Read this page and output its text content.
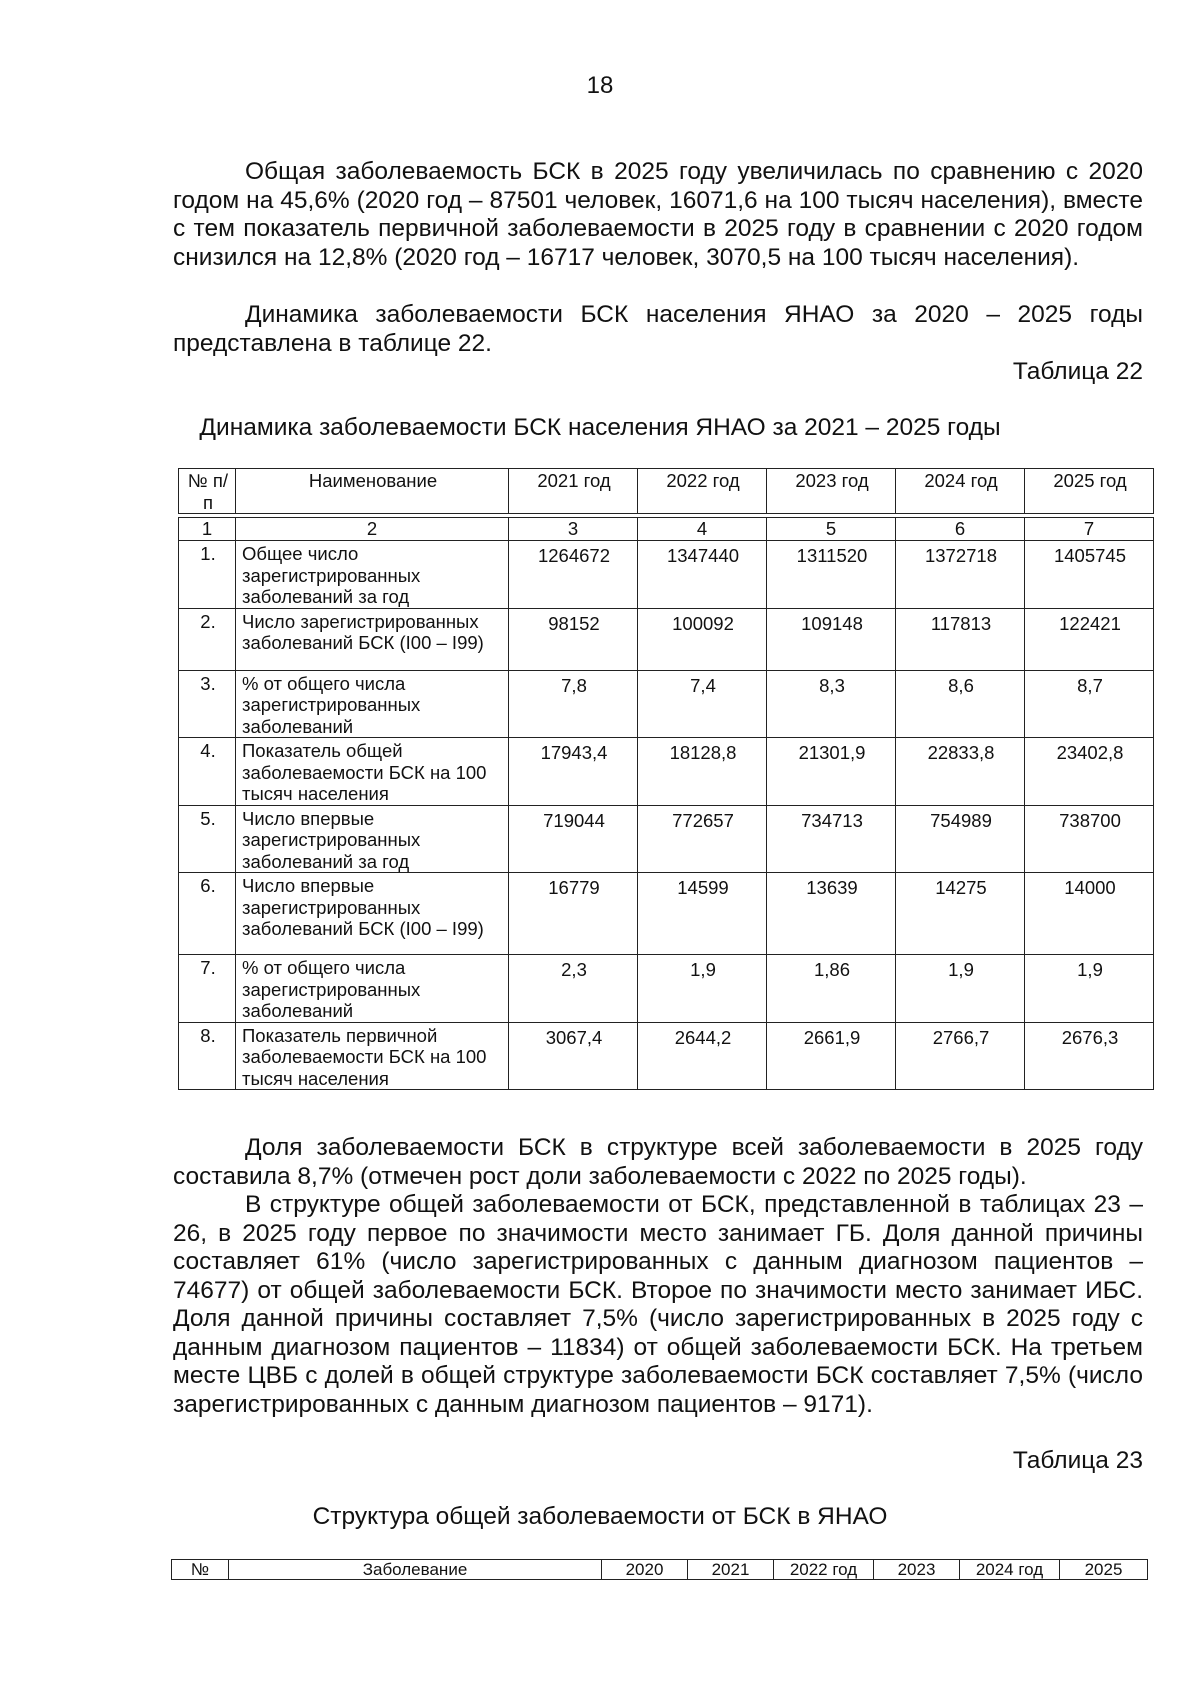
18

Общая заболеваемость БСК в 2025 году увеличилась по сравнению с 2020 годом на 45,6% (2020 год – 87501 человек, 16071,6 на 100 тысяч населения), вместе с тем показатель первичной заболеваемости в 2025 году в сравнении с 2020 годом снизился на 12,8% (2020 год – 16717 человек, 3070,5 на 100 тысяч населения).

Динамика заболеваемости БСК населения ЯНАО за 2020 – 2025 годы представлена в таблице 22.

Таблица 22
Динамика заболеваемости БСК населения ЯНАО за 2021 – 2025 годы
№ п/п	Наименование	2021 год	2022 год	2023 год	2024 год	2025 год

1	2	3	4	5	6	7
1.	Общее число зарегистрированных заболеваний за год	1264672	1347440	1311520	1372718	1405745
2.	Число зарегистрированных заболеваний БСК (I00 – I99)	98152	100092	109148	117813	122421
3.	% от общего числа зарегистрированных заболеваний	7,8	7,4	8,3	8,6	8,7
4.	Показатель общей заболеваемости БСК на 100 тысяч населения	17943,4	18128,8	21301,9	22833,8	23402,8
5.	Число впервые зарегистрированных заболеваний за год	719044	772657	734713	754989	738700
6.	Число впервые зарегистрированных заболеваний БСК (I00 – I99)	16779	14599	13639	14275	14000
7.	% от общего числа зарегистрированных заболеваний	2,3	1,9	1,86	1,9	1,9
8.	Показатель первичной заболеваемости БСК на 100 тысяч населения	3067,4	2644,2	2661,9	2766,7	2676,3

Доля заболеваемости БСК в структуре всей заболеваемости в 2025 году составила 8,7% (отмечен рост доли заболеваемости с 2022 по 2025 годы).

В структуре общей заболеваемости от БСК, представленной в таблицах 23 – 26, в 2025 году первое по значимости место занимает ГБ. Доля данной причины составляет 61% (число зарегистрированных с данным диагнозом пациентов – 74677) от общей заболеваемости БСК. Второе по значимости место занимает ИБС. Доля данной причины составляет 7,5% (число зарегистрированных в 2025 году с данным диагнозом пациентов – 11834) от общей заболеваемости БСК. На третьем месте ЦВБ с долей в общей структуре заболеваемости БСК составляет 7,5% (число зарегистрированных с данным диагнозом пациентов – 9171).

Таблица 23
Структура общей заболеваемости от БСК в ЯНАО
№	Заболевание	2020	2021	2022 год	2023	2024 год	2025
